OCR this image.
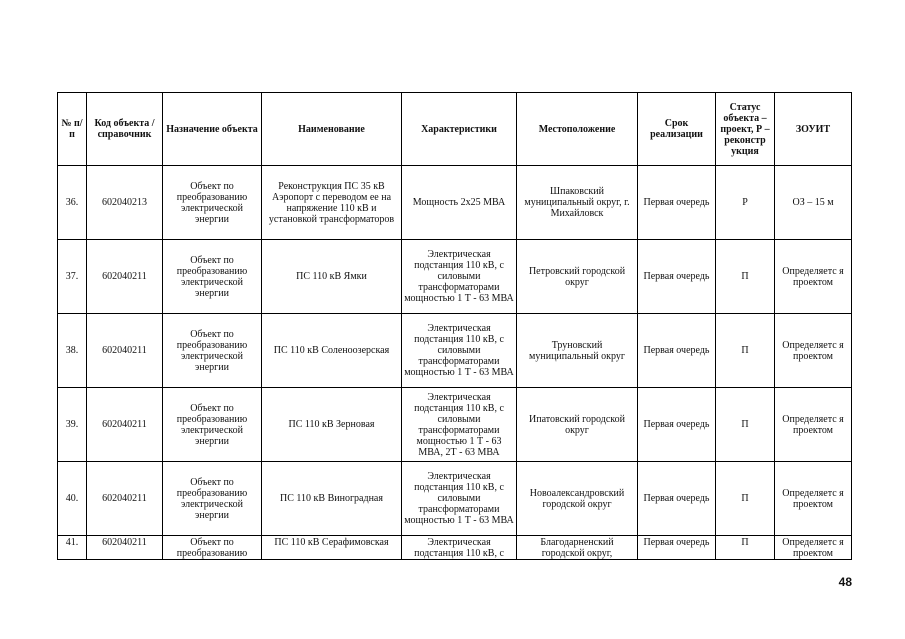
№ п/п	Код объекта / справочник	Назначение объекта	Наименование	Характеристики	Местоположение	Срок реализации	Статус объекта – проект, Р – реконстр укция	ЗОУИТ
36.	602040213	Объект по преобразованию электрической энергии	Реконструкция ПС 35 кВ Аэропорт с переводом ее на напряжение 110 кВ и установкой трансформаторов	Мощность 2х25 МВА	Шпаковский муниципальный округ, г. Михайловск	Первая очередь	Р	ОЗ – 15 м
37.	602040211	Объект по преобразованию электрической энергии	ПС 110 кВ Ямки	Электрическая подстанция 110 кВ, с силовыми трансформаторами мощностью 1 Т - 63 МВА	Петровский городской округ	Первая очередь	П	Определяетс я проектом
38.	602040211	Объект по преобразованию электрической энергии	ПС 110 кВ Соленоозерская	Электрическая подстанция 110 кВ, с силовыми трансформаторами мощностью 1 Т - 63 МВА	Труновский муниципальный округ	Первая очередь	П	Определяетс я проектом
39.	602040211	Объект по преобразованию электрической энергии	ПС 110 кВ Зерновая	Электрическая подстанция 110 кВ, с силовыми трансформаторами мощностью 1 Т - 63 МВА, 2Т - 63 МВА	Ипатовский городской округ	Первая очередь	П	Определяетс я проектом
40.	602040211	Объект по преобразованию электрической энергии	ПС 110 кВ Виноградная	Электрическая подстанция 110 кВ, с силовыми трансформаторами мощностью 1 Т - 63 МВА	Новоалександровский городской округ	Первая очередь	П	Определяетс я проектом
41.	602040211	Объект по преобразованию	ПС 110 кВ Серафимовская	Электрическая подстанция 110 кВ, с	Благодарненский городской округ,	Первая очередь	П	Определяетс я проектом
48
